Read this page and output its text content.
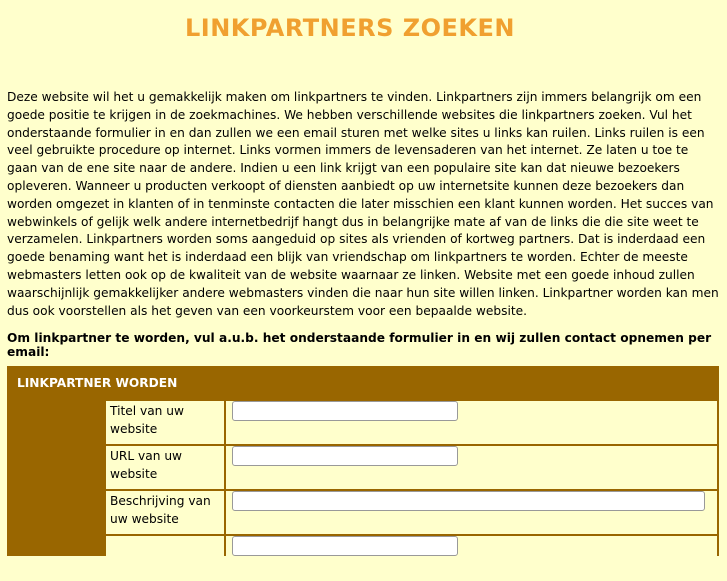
LINKPARTNERS ZOEKEN

Deze website wil het u gemakkelijk maken om linkpartners te vinden. Linkpartners zijn immers belangrijk om een goede positie te krijgen in de zoekmachines. We hebben verschillende websites die linkpartners zoeken. Vul het onderstaande formulier in en dan zullen we een email sturen met welke sites u links kan ruilen. Links ruilen is een veel gebruikte procedure op internet. Links vormen immers de levensaderen van het internet. Ze laten u toe te gaan van de ene site naar de andere. Indien u een link krijgt van een populaire site kan dat nieuwe bezoekers opleveren. Wanneer u producten verkoopt of diensten aanbiedt op uw internetsite kunnen deze bezoekers dan worden omgezet in klanten of in tenminste contacten die later misschien een klant kunnen worden. Het succes van webwinkels of gelijk welk andere internetbedrijf hangt dus in belangrijke mate af van de links die die site weet te verzamelen. Linkpartners worden soms aangeduid op sites als vrienden of kortweg partners. Dat is inderdaad een goede benaming want het is inderdaad een blijk van vriendschap om linkpartners te worden. Echter de meeste webmasters letten ook op de kwaliteit van de website waarnaar ze linken. Website met een goede inhoud zullen waarschijnlijk gemakkelijker andere webmasters vinden die naar hun site willen linken. Linkpartner worden kan men dus ook voorstellen als het geven van een voorkeurstem voor een bepaalde website.

Om linkpartner te worden, vul a.u.b. het onderstaande formulier in en wij zullen contact opnemen per email:

LINKPARTNER WORDEN
Titel van uw website	
URL van uw website	
Beschrijving van uw website	
